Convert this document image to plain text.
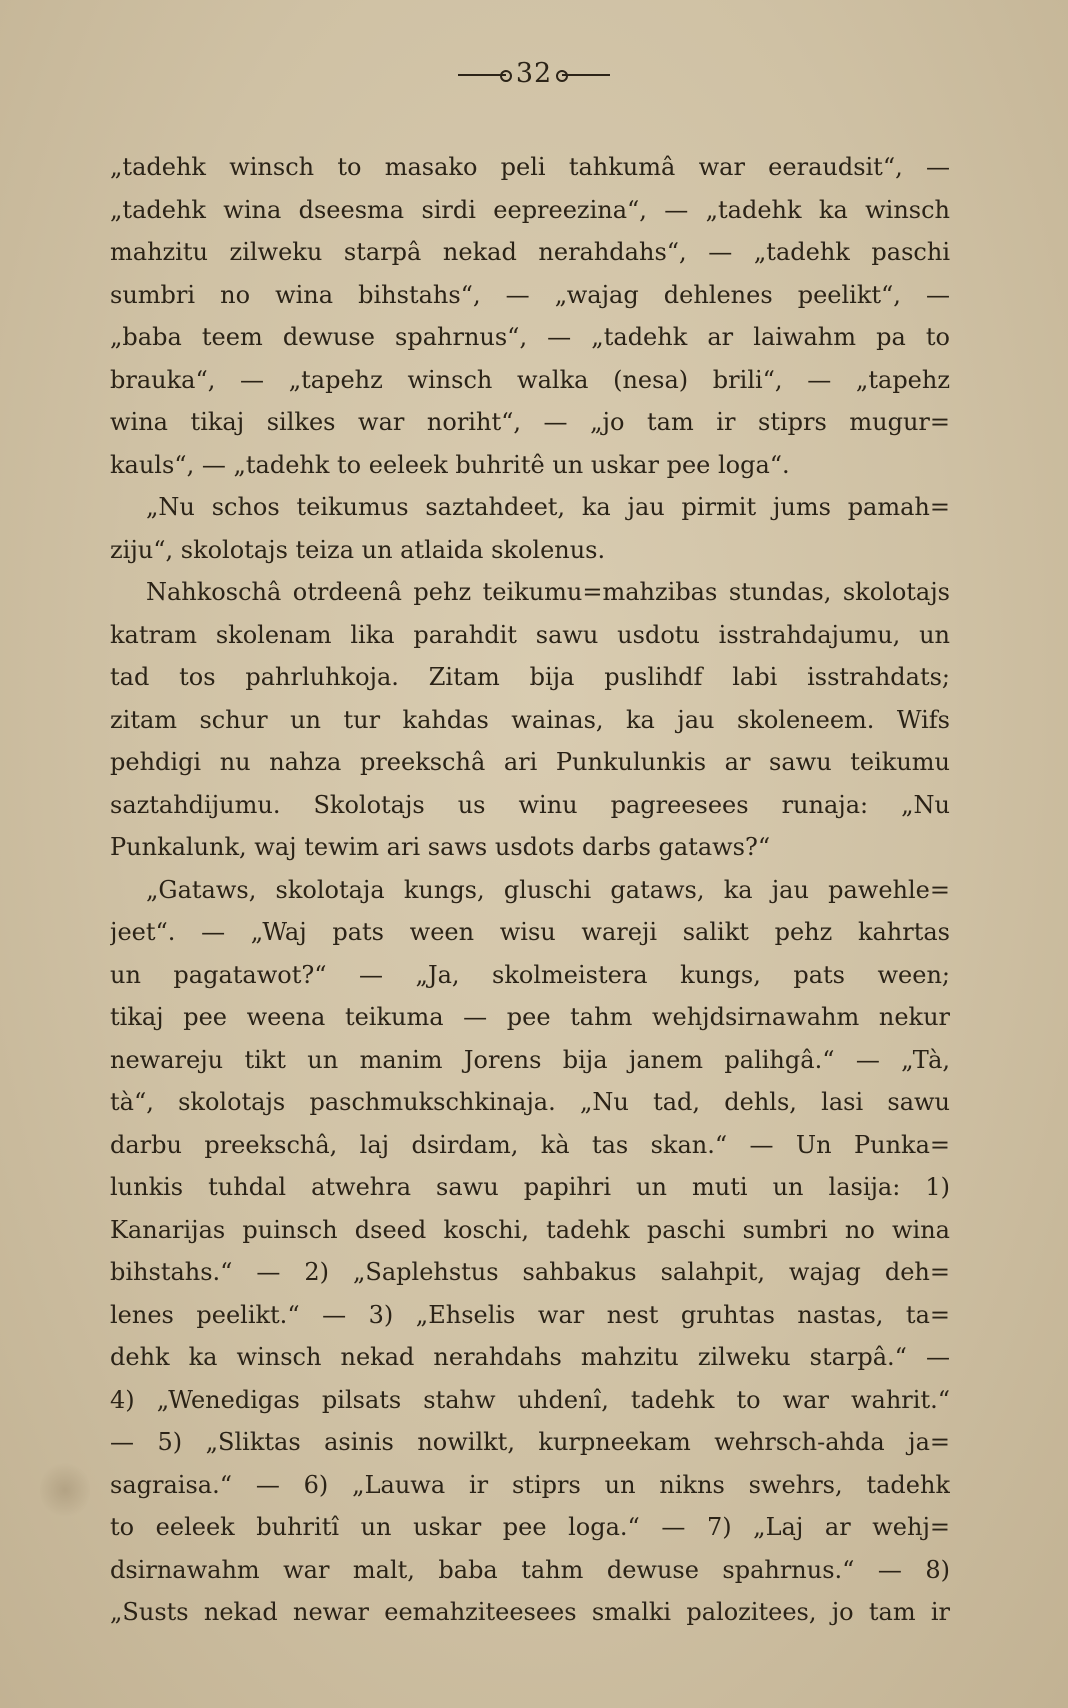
32
„tadehk winsch to masako peli tahkumâ war eeraudsit“, —
„tadehk wina dseesma sirdi eepreezina“, — „tadehk ka winsch
mahzitu zilweku starpâ nekad nerahdahs“, — „tadehk paschi
sumbri no wina bihstahs“, — „wajag dehlenes peelikt“, —
„baba teem dewuse spahrnus“, — „tadehk ar laiwahm pa to
brauka“, — „tapehz winsch walka (nesa) brili“, — „tapehz
wina tikaj silkes war noriht“, — „jo tam ir stiprs mugur=
kauls“, — „tadehk to eeleek buhritê un uskar pee loga“.
„Nu schos teikumus saztahdeet, ka jau pirmit jums pamah=
ziju“, skolotajs teiza un atlaida skolenus.
Nahkoschâ otrdeenâ pehz teikumu=mahzibas stundas, skolotajs
katram skolenam lika parahdit sawu usdotu isstrahdajumu, un
tad tos pahrluhkoja. Zitam bija puslihdf labi isstrahdats;
zitam schur un tur kahdas wainas, ka jau skoleneem. Wifs
pehdigi nu nahza preekschâ ari Punkulunkis ar sawu teikumu
saztahdijumu. Skolotajs us winu pagreesees runaja: „Nu
Punkalunk, waj tewim ari saws usdots darbs gataws?“
„Gataws, skolotaja kungs, gluschi gataws, ka jau pawehle=
jeet“. — „Waj pats ween wisu wareji salikt pehz kahrtas
un pagatawot?“ — „Ja, skolmeistera kungs, pats ween;
tikaj pee weena teikuma — pee tahm wehjdsirnawahm nekur
newareju tikt un manim Jorens bija janem palihgâ.“ — „Tà,
tà“, skolotajs paschmukschkinaja. „Nu tad, dehls, lasi sawu
darbu preekschâ, laj dsirdam, kà tas skan.“ — Un Punka=
lunkis tuhdal atwehra sawu papihri un muti un lasija: 1)
Kanarijas puinsch dseed koschi, tadehk paschi sumbri no wina
bihstahs.“ — 2) „Saplehstus sahbakus salahpit, wajag deh=
lenes peelikt.“ — 3) „Ehselis war nest gruhtas nastas, ta=
dehk ka winsch nekad nerahdahs mahzitu zilweku starpâ.“ —
4) „Wenedigas pilsats stahw uhdenî, tadehk to war wahrit.“
— 5) „Sliktas asinis nowilkt, kurpneekam wehrsch-ahda ja=
sagraisa.“ — 6) „Lauwa ir stiprs un nikns swehrs, tadehk
to eeleek buhritî un uskar pee loga.“ — 7) „Laj ar wehj=
dsirnawahm war malt, baba tahm dewuse spahrnus.“ — 8)
„Susts nekad newar eemahziteesees smalki palozitees, jo tam ir
